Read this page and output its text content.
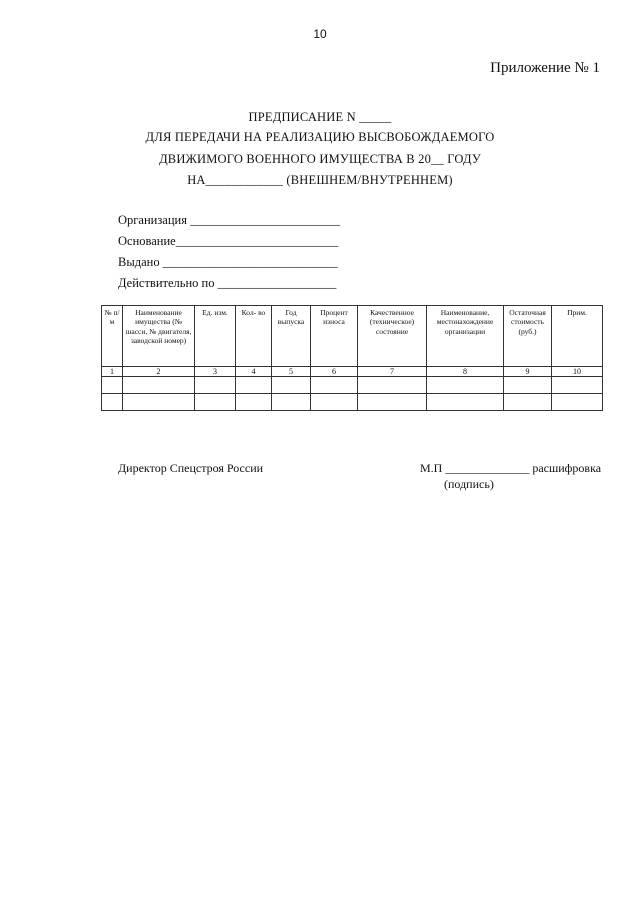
10
Приложение № 1
ПРЕДПИСАНИЕ N _____
ДЛЯ ПЕРЕДАЧИ НА РЕАЛИЗАЦИЮ ВЫСВОБОЖДАЕМОГО
ДВИЖИМОГО ВОЕННОГО ИМУЩЕСТВА В 20__ ГОДУ
НА____________ (ВНЕШНЕМ/ВНУТРЕННЕМ)
Организация ________________________
Основание__________________________
Выдано ____________________________
Действительно по ___________________
№ п/м	Наименование имущества (№ шасси, № двигателя, заводской номер)	Ед. изм.	Кол- во	Год выпуска	Процент износа	Качественное (техническое) состояние	Наименование, местонахождение организации	Остаточная стоимость (руб.)	Прим.
1	2	3	4	5	6	7	8	9	10

Директор Спецстроя России	М.П ______________ расшифровка
(подпись)
